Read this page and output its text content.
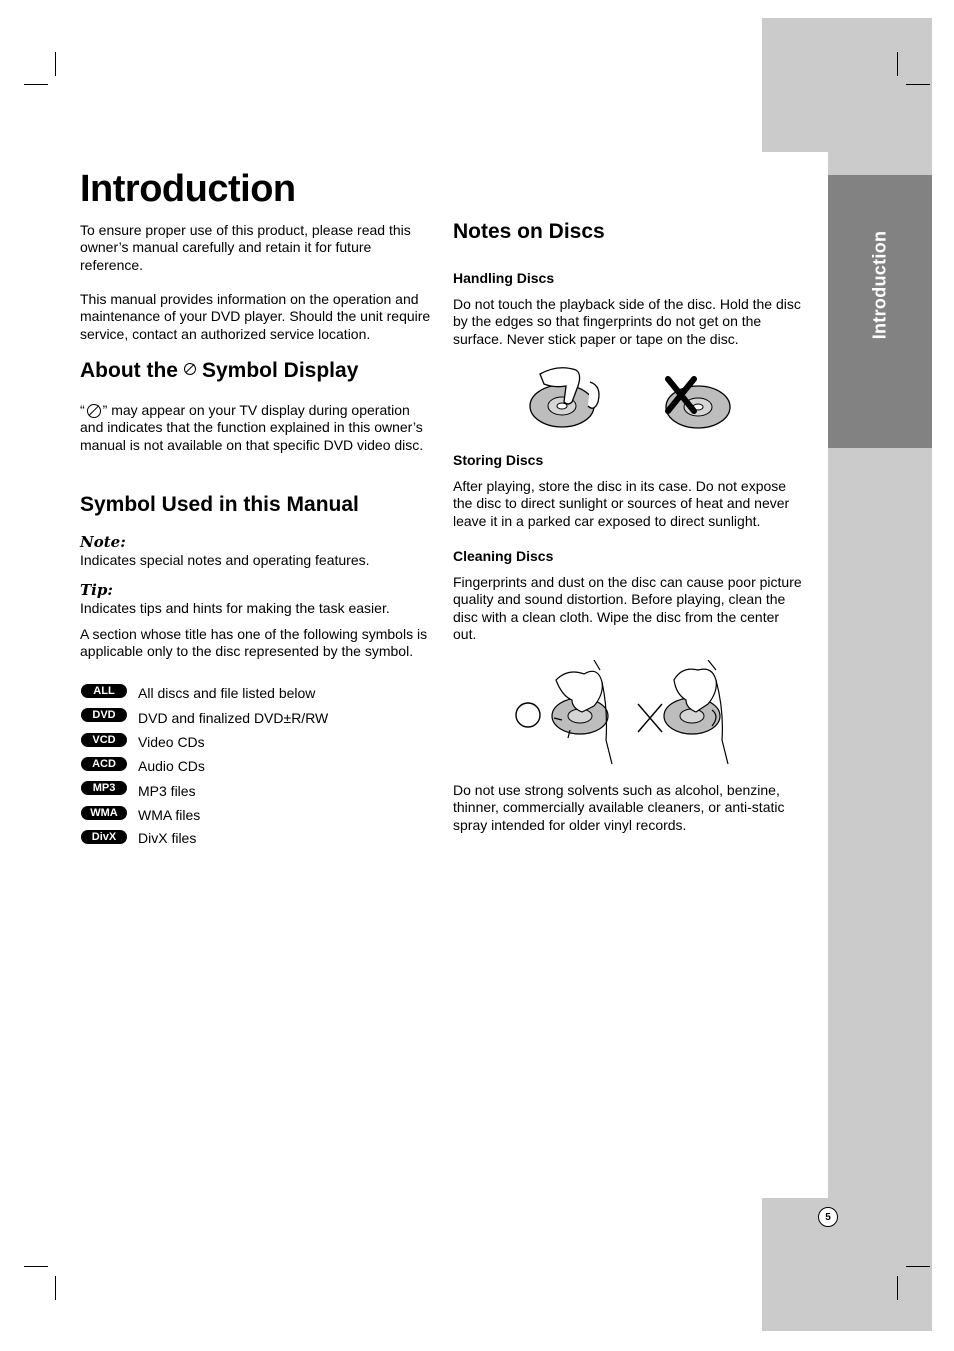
Introduction
5
Introduction

To ensure proper use of this product, please read this owner’s manual carefully and retain it for future reference.

This manual provides information on the operation and maintenance of your DVD player. Should the unit require service, contact an authorized service location.

About the Symbol Display

“ ” may appear on your TV display during operation and indicates that the function explained in this owner’s manual is not available on that specific DVD video disc.

Symbol Used in this Manual
Note:

Indicates special notes and operating features.

Tip:

Indicates tips and hints for making the task easier.

A section whose title has one of the following symbols is applicable only to the disc represented by the symbol.

ALL	All discs and file listed below
DVD	DVD and finalized DVD±R/RW
VCD	Video CDs
ACD	Audio CDs
MP3	MP3 files
WMA	WMA files
DivX	DivX files
Notes on Discs
Handling Discs

Do not touch the playback side of the disc. Hold the disc by the edges so that fingerprints do not get on the surface. Never stick paper or tape on the disc.

Storing Discs

After playing, store the disc in its case. Do not expose the disc to direct sunlight or sources of heat and never leave it in a parked car exposed to direct sunlight.

Cleaning Discs

Fingerprints and dust on the disc can cause poor picture quality and sound distortion. Before playing, clean the disc with a clean cloth. Wipe the disc from the center out.

Do not use strong solvents such as alcohol, benzine, thinner, commercially available cleaners, or anti-static spray intended for older vinyl records.
